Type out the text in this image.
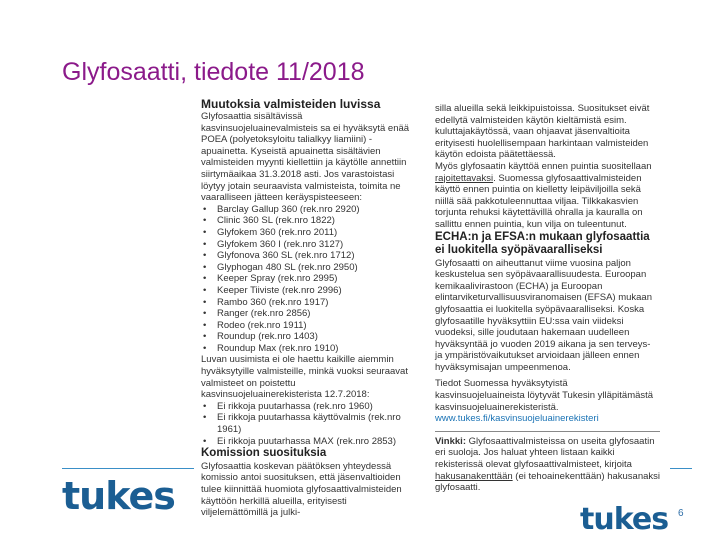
Glyfosaatti, tiedote 11/2018

Muutoksia valmisteiden luvissa

Glyfosaattia sisältävissä kasvinsuojeluainevalmisteis sa ei hyväksytä enää POEA (polyetoksyloitu talialkyy liamiini) -apuainetta. Kyseistä apuainetta sisältävien valmisteiden myynti kiellettiin ja käytölle annettiin siirtymäaikaa 31.3.2018 asti. Jos varastoistasi löytyy jotain seuraavista valmisteista, toimita ne vaaralliseen jätteen keräyspisteeseen:

• Barclay Gallup 360 (rek.nro 2920)
• Clinic 360 SL (rek.nro 1822)
• Glyfokem 360 (rek.nro 2011)
• Glyfokem 360 I (rek.nro 3127)
• Glyfonova 360 SL (rek.nro 1712)
• Glyphogan 480 SL (rek.nro 2950)
• Keeper Spray (rek.nro 2995)
• Keeper Tiiviste (rek.nro 2996)
• Rambo 360 (rek.nro 1917)
• Ranger (rek.nro 2856)
• Rodeo (rek.nro 1911)
• Roundup (rek.nro 1403)
• Roundup Max (rek.nro 1910)

Luvan uusimista ei ole haettu kaikille aiemmin hyväksytyille valmisteille, minkä vuoksi seuraavat valmisteet on poistettu kasvinsuojeluainerekisterista 12.7.2018:

• Ei rikkoja puutarhassa (rek.nro 1960)
• Ei rikkoja puutarhassa käyttövalmis (rek.nro 1961)
• Ei rikkoja puutarhassa MAX (rek.nro 2853)

Komission suosituksia

Glyfosaattia koskevan päätöksen yhteydessä komissio antoi suosituksen, että jäsenvaltioiden tulee kiinnittää huomiota glyfosaattivalmisteiden käyttöön herkillä alueilla, erityisesti viljelemättömillä ja julki-

silla alueilla sekä leikkipuistoissa. Suositukset eivät edellytä valmisteiden käytön kieltämistä esim. kuluttajakäytössä, vaan ohjaavat jäsenvaltioita erityisesti huolellisempaan harkintaan valmisteiden käytön edoista päätettäessä.

Myös glyfosaatin käyttöä ennen puintia suositellaan rajoitettavaksi. Suomessa glyfosaattivalmisteiden käyttö ennen puintia on kielletty leipäviljoilla sekä niillä sää pakkotuleennuttaa viljaa. Tilkkakasvien torjunta rehuksi käytettävillä ohralla ja kauralla on sallittu ennen puintia, kun vilja on tuleentunut.

ECHA:n ja EFSA:n mukaan glyfosaattia ei luokitella syöpävaaralliseksi

Glyfosaatti on aiheuttanut viime vuosina paljon keskustelua sen syöpävaarallisuudesta. Euroopan kemikaalivirastoon (ECHA) ja Euroopan elintarviketurvallisuusviranomaisen (EFSA) mukaan glyfosaattia ei luokitella syöpävaaralliseksi. Koska glyfosaatille hyväksyttiin EU:ssa vain viideksi vuodeksi, sille joudutaan hakemaan uudelleen hyväksyntää jo vuoden 2019 aikana ja sen terveys- ja ympäristövaikutukset arvioidaan jälleen ennen hyväksymisajan umpeenmenoa.

Tiedot Suomessa hyväksytyistä kasvinsuojeluaineista löytyvät Tukesin ylläpitämästä kasvinsuojeluainerekisteristä. www.tukes.fi/kasvinsuojeluainerekisteri

Vinkki: Glyfosaattivalmisteissa on useita glyfosaatin eri suoloja. Jos haluat yhteen listaan kaikki rekisterissä olevat glyfosaattivalmisteet, kirjoita hakusanakenttään (ei tehoainekenttään) hakusanaksi glyfosaatti.

tukes
tukes 6
